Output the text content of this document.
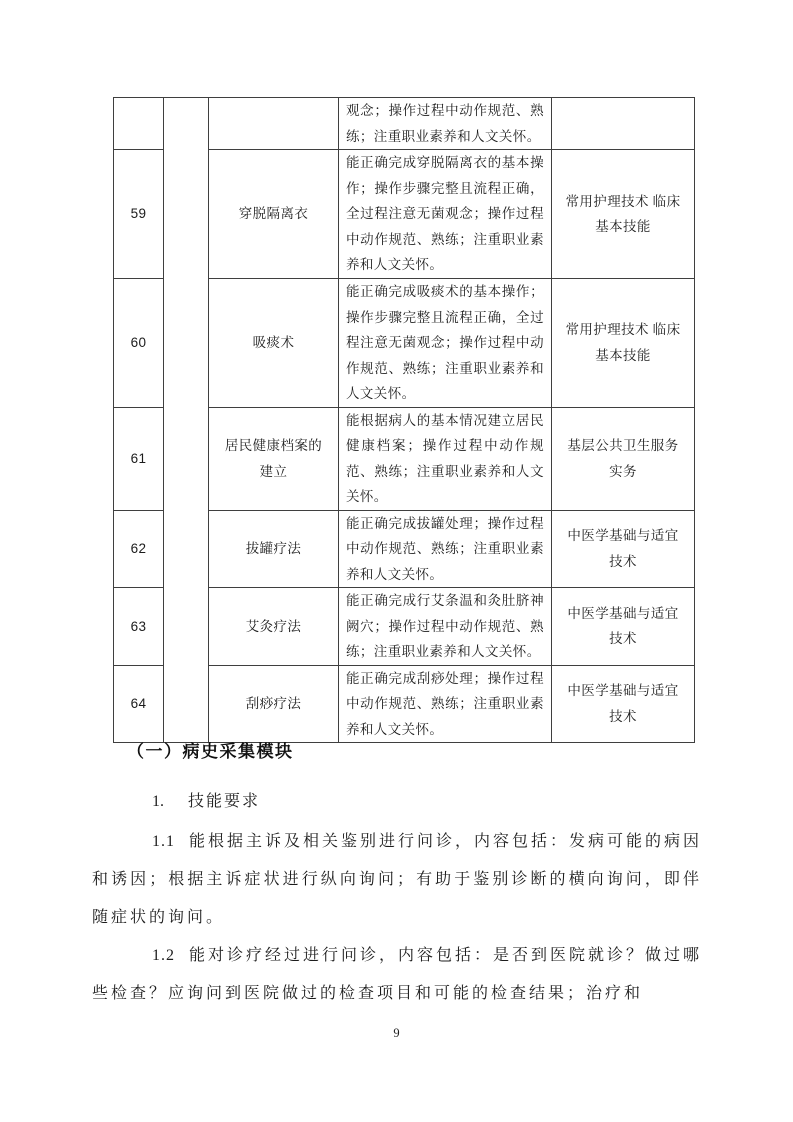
			观念；操作过程中动作规范、熟练；注重职业素养和人文关怀。	
59		穿脱隔离衣	能正确完成穿脱隔离衣的基本操作；操作步骤完整且流程正确，全过程注意无菌观念；操作过程中动作规范、熟练；注重职业素养和人文关怀。	常用护理技术 临床基本技能
60		吸痰术	能正确完成吸痰术的基本操作；操作步骤完整且流程正确，全过程注意无菌观念；操作过程中动作规范、熟练；注重职业素养和人文关怀。	常用护理技术 临床基本技能
61		居民健康档案的建立	能根据病人的基本情况建立居民健康档案；操作过程中动作规范、熟练；注重职业素养和人文关怀。	基层公共卫生服务实务
62		拔罐疗法	能正确完成拔罐处理；操作过程中动作规范、熟练；注重职业素养和人文关怀。	中医学基础与适宜技术
63		艾灸疗法	能正确完成行艾条温和灸肚脐神阙穴；操作过程中动作规范、熟练；注重职业素养和人文关怀。	中医学基础与适宜技术
64		刮痧疗法	能正确完成刮痧处理；操作过程中动作规范、熟练；注重职业素养和人文关怀。	中医学基础与适宜技术
（一）病史采集模块
1. 技能要求

1.1 能根据主诉及相关鉴别进行问诊，内容包括：发病可能的病因和诱因；根据主诉症状进行纵向询问；有助于鉴别诊断的横向询问，即伴随症状的询问。

1.2 能对诊疗经过进行问诊，内容包括：是否到医院就诊？做过哪些检查？应询问到医院做过的检查项目和可能的检查结果；治疗和

9
